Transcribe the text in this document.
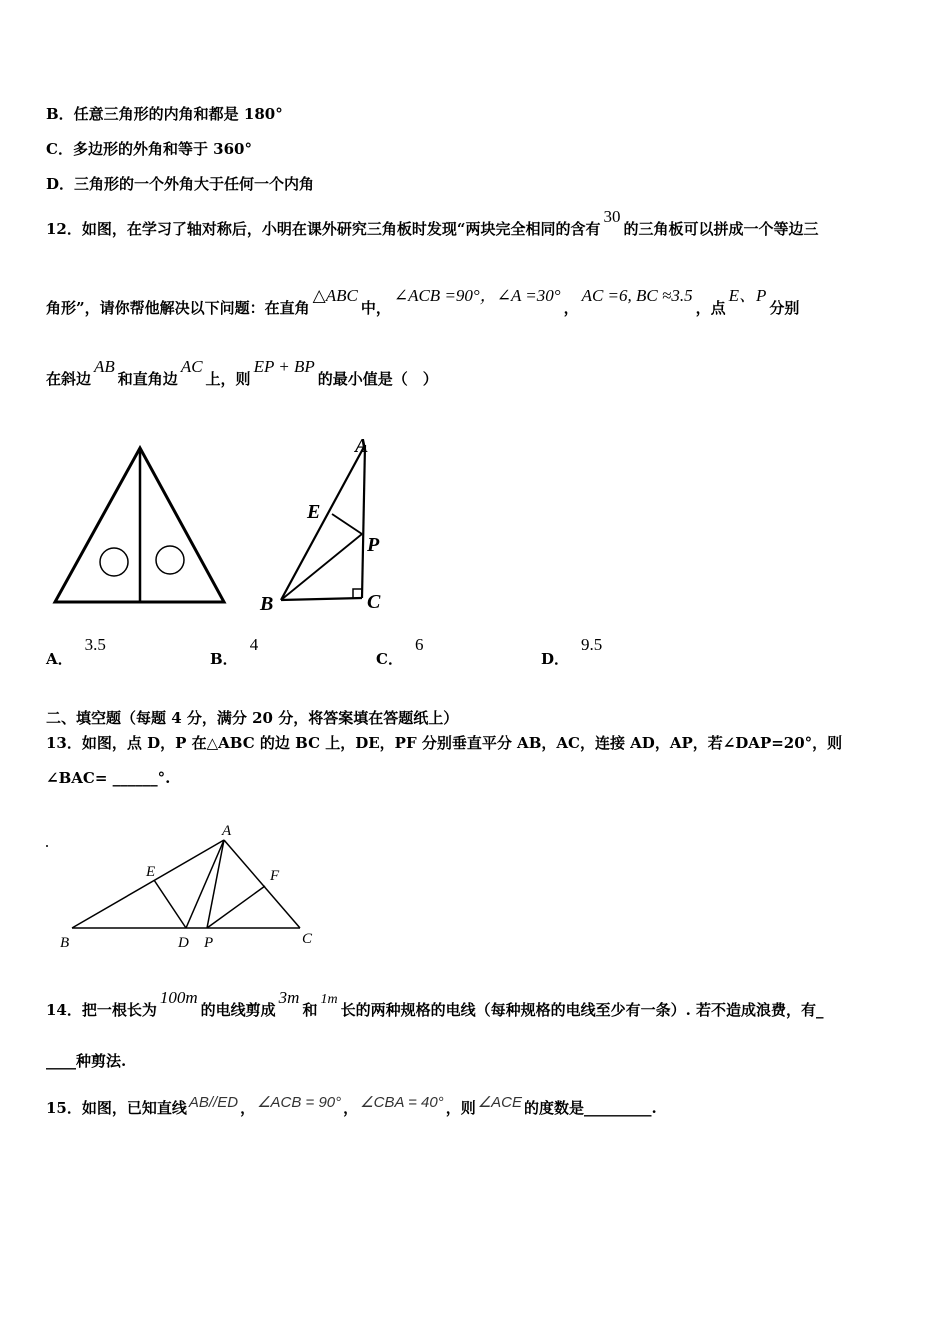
B．任意三角形的内角和都是 180°
C．多边形的外角和等于 360°
D．三角形的一个外角大于任何一个内角
12．如图，在学习了轴对称后，小明在课外研究三角板时发现“两块完全相同的含有30的三角板可以拼成一个等边三
角形”，请你帮他解决以下问题：在直角△ABC中，∠ACB =90°，∠A =30°，AC =6, BC ≈3.5，点E、P分别
在斜边AB和直角边AC上，则EP + BP的最小值是（　）
A
E
P
B	C
A．3.5
B．4
C．6
D．9.5
二、填空题（每题 4 分，满分 20 分，将答案填在答题纸上）
13．如图，点 D，P 在△ABC 的边 BC 上，DE，PF 分别垂直平分 AB，AC，连接 AD，AP，若∠DAP=20°，则
∠BAC= ______°.
A
E	F
B	D P	C
14．把一根长为100m的电线剪成3m和1m长的两种规格的电线（每种规格的电线至少有一条）. 若不造成浪费，有_
____种剪法.
15．如图，已知直线 AB//ED ， ∠ACB = 90° ， ∠CBA = 40° ，则 ∠ACE 的度数是_________.
